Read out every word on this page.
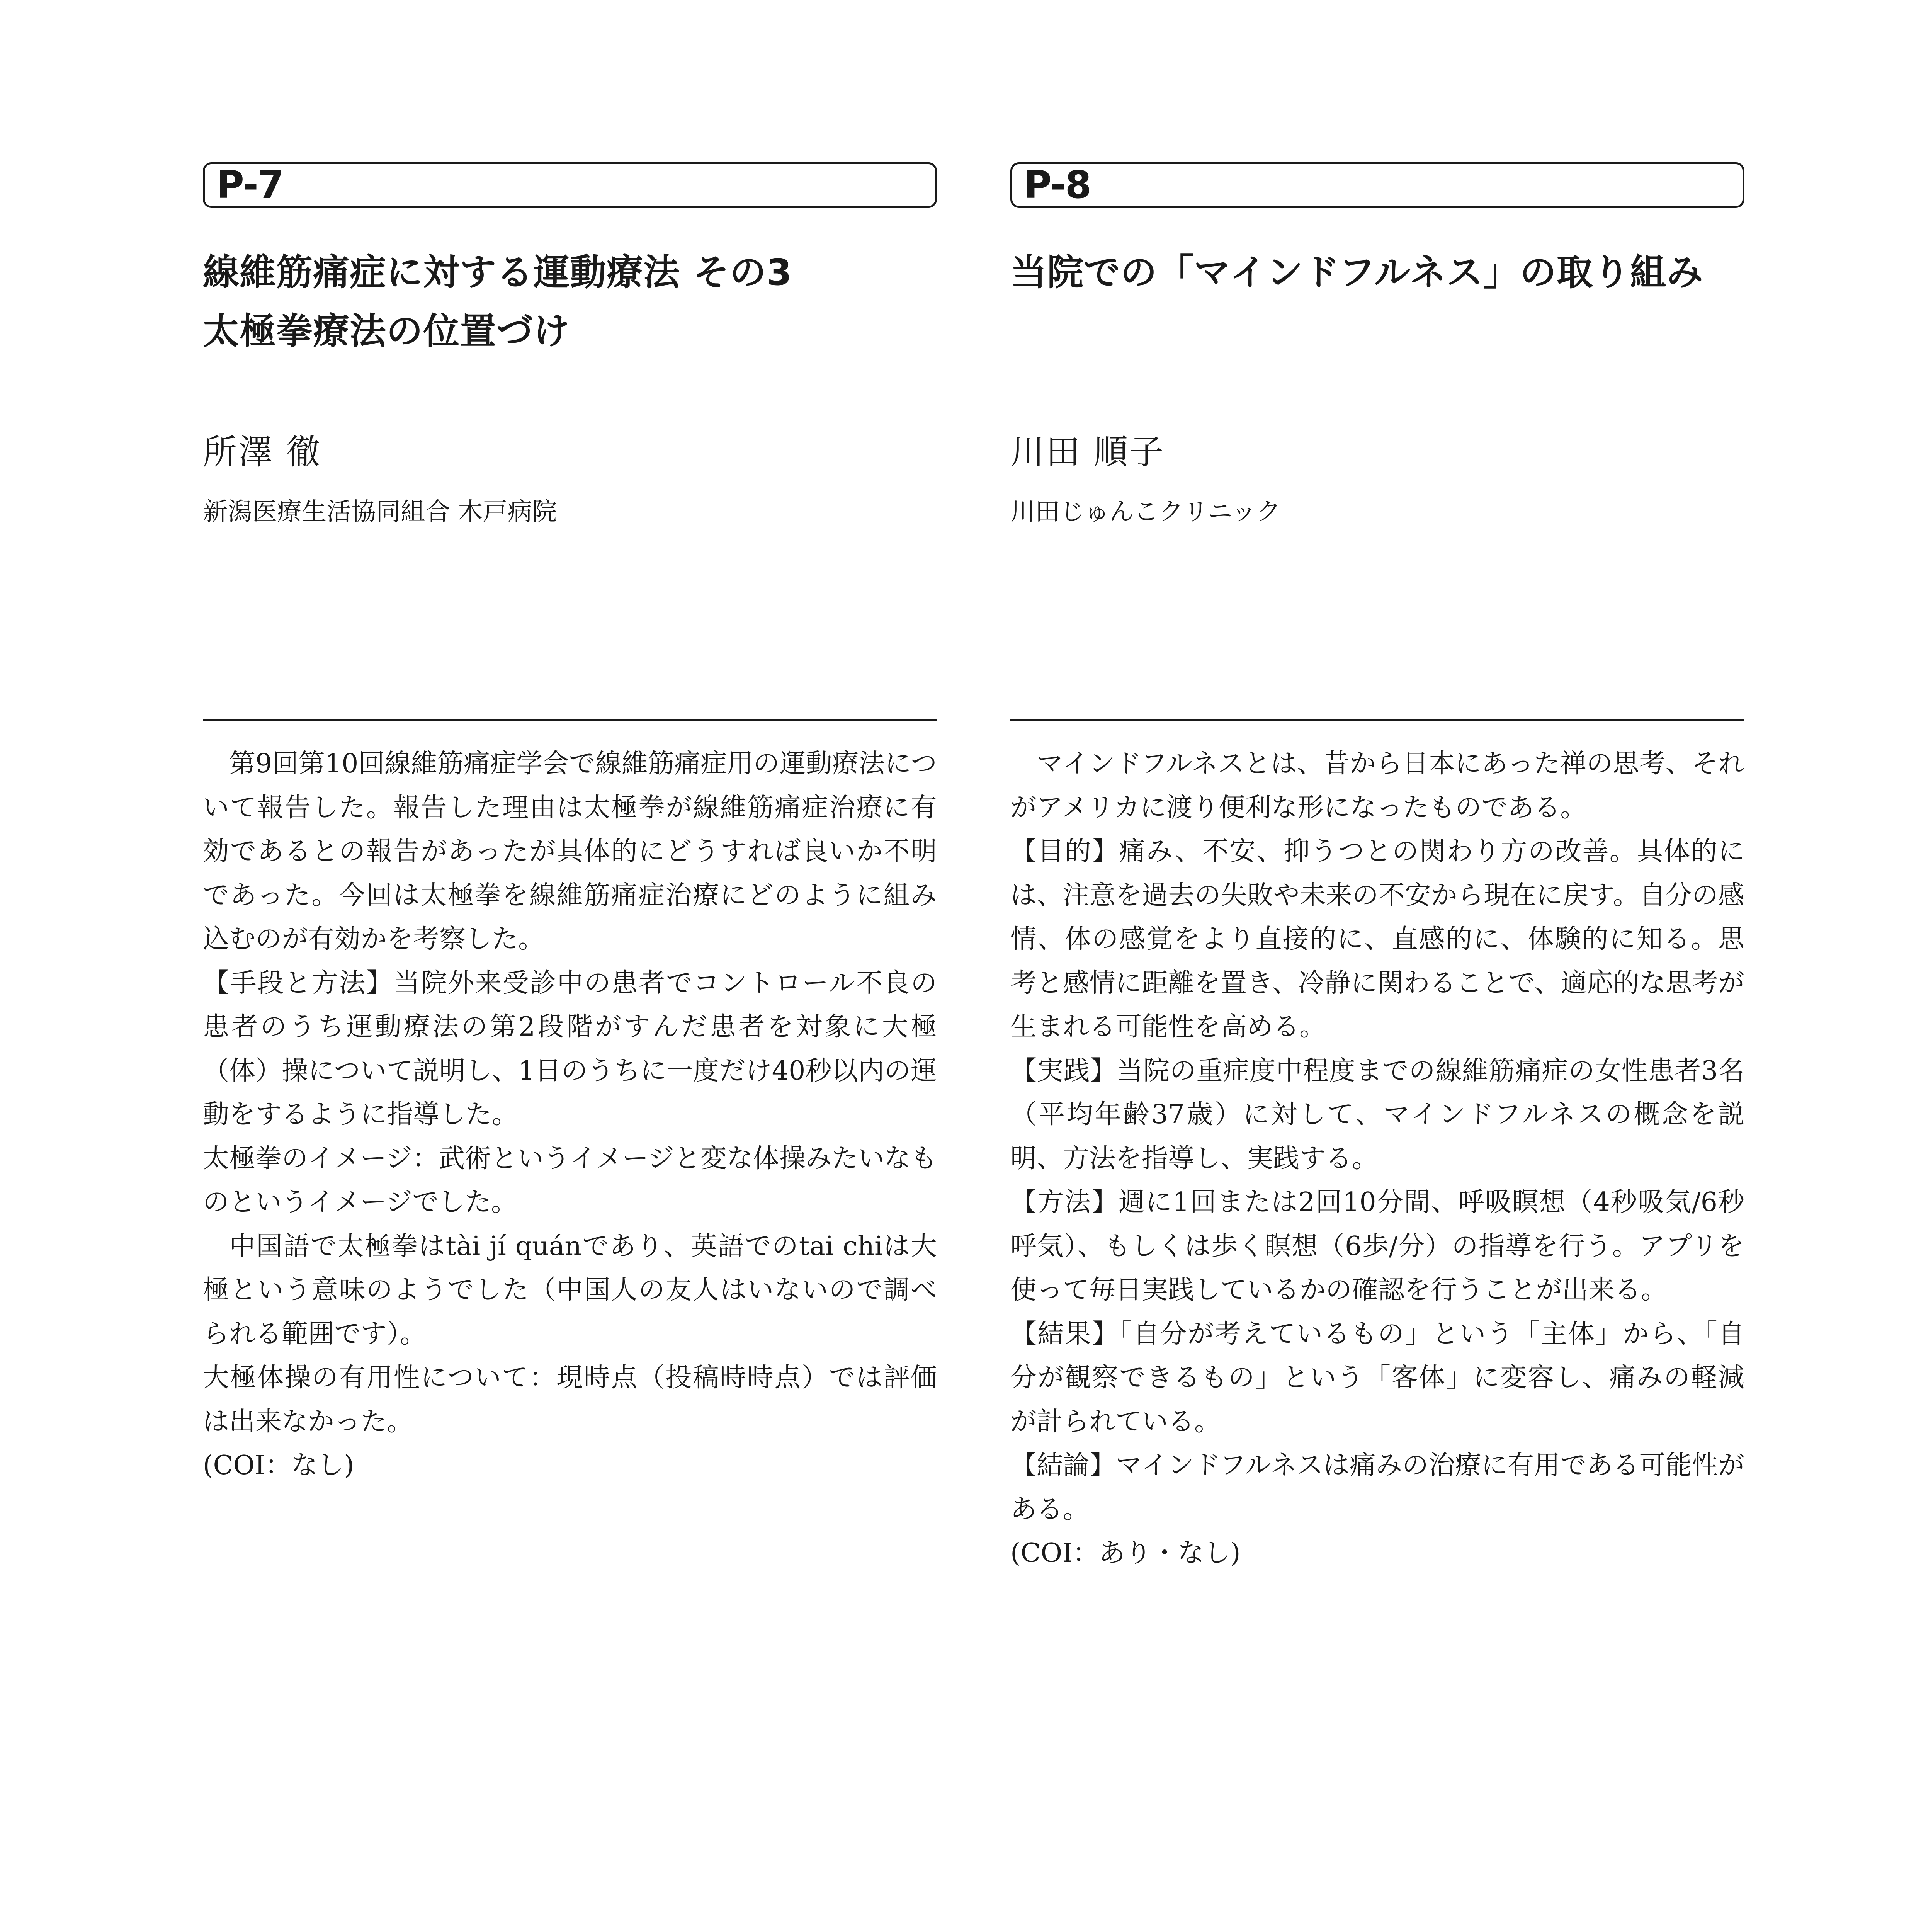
P-7
線維筋痛症に対する運動療法 その3
太極拳療法の位置づけ
所澤 徹
新潟医療生活協同組合 木戸病院

第9回第10回線維筋痛症学会で線維筋痛症用の運動療法について報告した。報告した理由は太極拳が線維筋痛症治療に有効であるとの報告があったが具体的にどうすれば良いか不明であった。今回は太極拳を線維筋痛症治療にどのように組み込むのが有効かを考察した。

【手段と方法】当院外来受診中の患者でコントロール不良の患者のうち運動療法の第2段階がすんだ患者を対象に大極（体）操について説明し、1日のうちに一度だけ40秒以内の運動をするように指導した。

太極拳のイメージ：武術というイメージと変な体操みたいなものというイメージでした。

中国語で太極拳はtài jí quánであり、英語でのtai chiは大極という意味のようでした（中国人の友人はいないので調べられる範囲です）。

大極体操の有用性について：現時点（投稿時時点）では評価は出来なかった。

(COI：なし)

P-8
当院での「マインドフルネス」の取り組み
川田 順子
川田じゅんこクリニック

マインドフルネスとは、昔から日本にあった禅の思考、それがアメリカに渡り便利な形になったものである。

【目的】痛み、不安、抑うつとの関わり方の改善。具体的には、注意を過去の失敗や未来の不安から現在に戻す。自分の感情、体の感覚をより直接的に、直感的に、体験的に知る。思考と感情に距離を置き、冷静に関わることで、適応的な思考が生まれる可能性を高める。

【実践】当院の重症度中程度までの線維筋痛症の女性患者3名（平均年齢37歳）に対して、マインドフルネスの概念を説明、方法を指導し、実践する。

【方法】週に1回または2回10分間、呼吸瞑想（4秒吸気/6秒呼気）、もしくは歩く瞑想（6歩/分）の指導を行う。アプリを使って毎日実践しているかの確認を行うことが出来る。

【結果】「自分が考えているもの」という「主体」から、「自分が観察できるもの」という「客体」に変容し、痛みの軽減が計られている。

【結論】マインドフルネスは痛みの治療に有用である可能性がある。

(COI：あり・なし)
